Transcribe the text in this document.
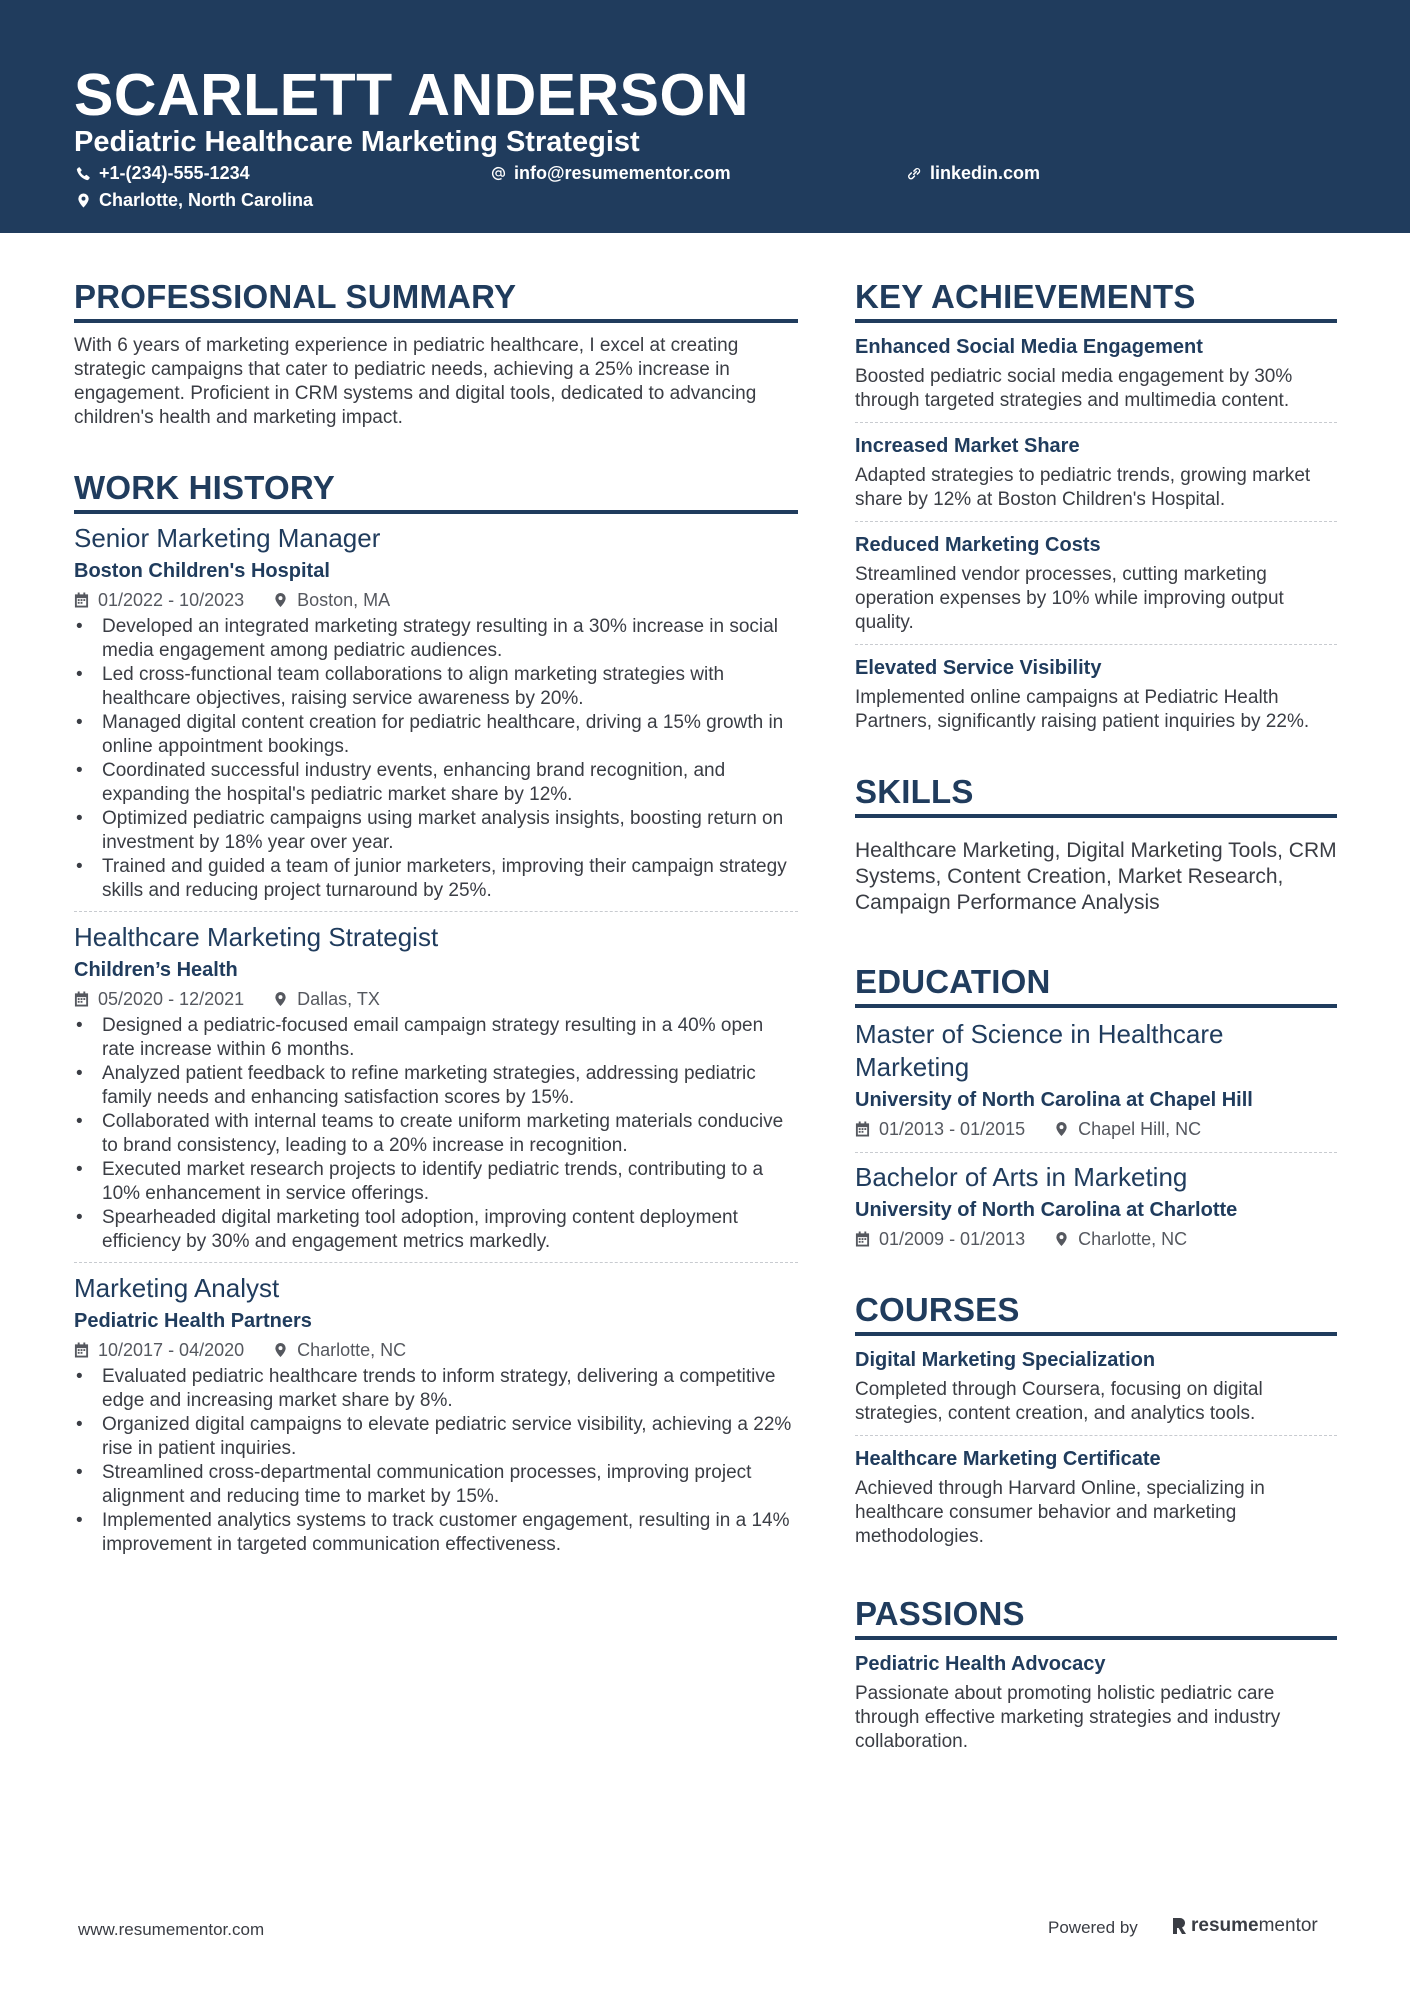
SCARLETT ANDERSON
Pediatric Healthcare Marketing Strategist
+1-(234)-555-1234	info@resumementor.com	linkedin.com
Charlotte, North Carolina
PROFESSIONAL SUMMARY

With 6 years of marketing experience in pediatric healthcare, I excel at creating strategic campaigns that cater to pediatric needs, achieving a 25% increase in engagement. Proficient in CRM systems and digital tools, dedicated to advancing children's health and marketing impact.

WORK HISTORY
Senior Marketing Manager
Boston Children's Hospital
01/2022 - 10/2023	Boston, MA
• Developed an integrated marketing strategy resulting in a 30% increase in social media engagement among pediatric audiences.
• Led cross-functional team collaborations to align marketing strategies with healthcare objectives, raising service awareness by 20%.
• Managed digital content creation for pediatric healthcare, driving a 15% growth in online appointment bookings.
• Coordinated successful industry events, enhancing brand recognition, and expanding the hospital's pediatric market share by 12%.
• Optimized pediatric campaigns using market analysis insights, boosting return on investment by 18% year over year.
• Trained and guided a team of junior marketers, improving their campaign strategy skills and reducing project turnaround by 25%.
Healthcare Marketing Strategist
Children’s Health
05/2020 - 12/2021	Dallas, TX
• Designed a pediatric-focused email campaign strategy resulting in a 40% open rate increase within 6 months.
• Analyzed patient feedback to refine marketing strategies, addressing pediatric family needs and enhancing satisfaction scores by 15%.
• Collaborated with internal teams to create uniform marketing materials conducive to brand consistency, leading to a 20% increase in recognition.
• Executed market research projects to identify pediatric trends, contributing to a 10% enhancement in service offerings.
• Spearheaded digital marketing tool adoption, improving content deployment efficiency by 30% and engagement metrics markedly.
Marketing Analyst
Pediatric Health Partners
10/2017 - 04/2020	Charlotte, NC
• Evaluated pediatric healthcare trends to inform strategy, delivering a competitive edge and increasing market share by 8%.
• Organized digital campaigns to elevate pediatric service visibility, achieving a 22% rise in patient inquiries.
• Streamlined cross-departmental communication processes, improving project alignment and reducing time to market by 15%.
• Implemented analytics systems to track customer engagement, resulting in a 14% improvement in targeted communication effectiveness.
KEY ACHIEVEMENTS
Enhanced Social Media Engagement
Boosted pediatric social media engagement by 30% through targeted strategies and multimedia content.
Increased Market Share
Adapted strategies to pediatric trends, growing market share by 12% at Boston Children's Hospital.
Reduced Marketing Costs
Streamlined vendor processes, cutting marketing operation expenses by 10% while improving output quality.
Elevated Service Visibility
Implemented online campaigns at Pediatric Health Partners, significantly raising patient inquiries by 22%.
SKILLS
Healthcare Marketing, Digital Marketing Tools, CRM Systems, Content Creation, Market Research, Campaign Performance Analysis
EDUCATION
Master of Science in Healthcare Marketing
University of North Carolina at Chapel Hill
01/2013 - 01/2015	Chapel Hill, NC
Bachelor of Arts in Marketing
University of North Carolina at Charlotte
01/2009 - 01/2013	Charlotte, NC
COURSES
Digital Marketing Specialization
Completed through Coursera, focusing on digital strategies, content creation, and analytics tools.
Healthcare Marketing Certificate
Achieved through Harvard Online, specializing in healthcare consumer behavior and marketing methodologies.
PASSIONS
Pediatric Health Advocacy
Passionate about promoting holistic pediatric care through effective marketing strategies and industry collaboration.
www.resumementor.com	Powered by	resumementor
